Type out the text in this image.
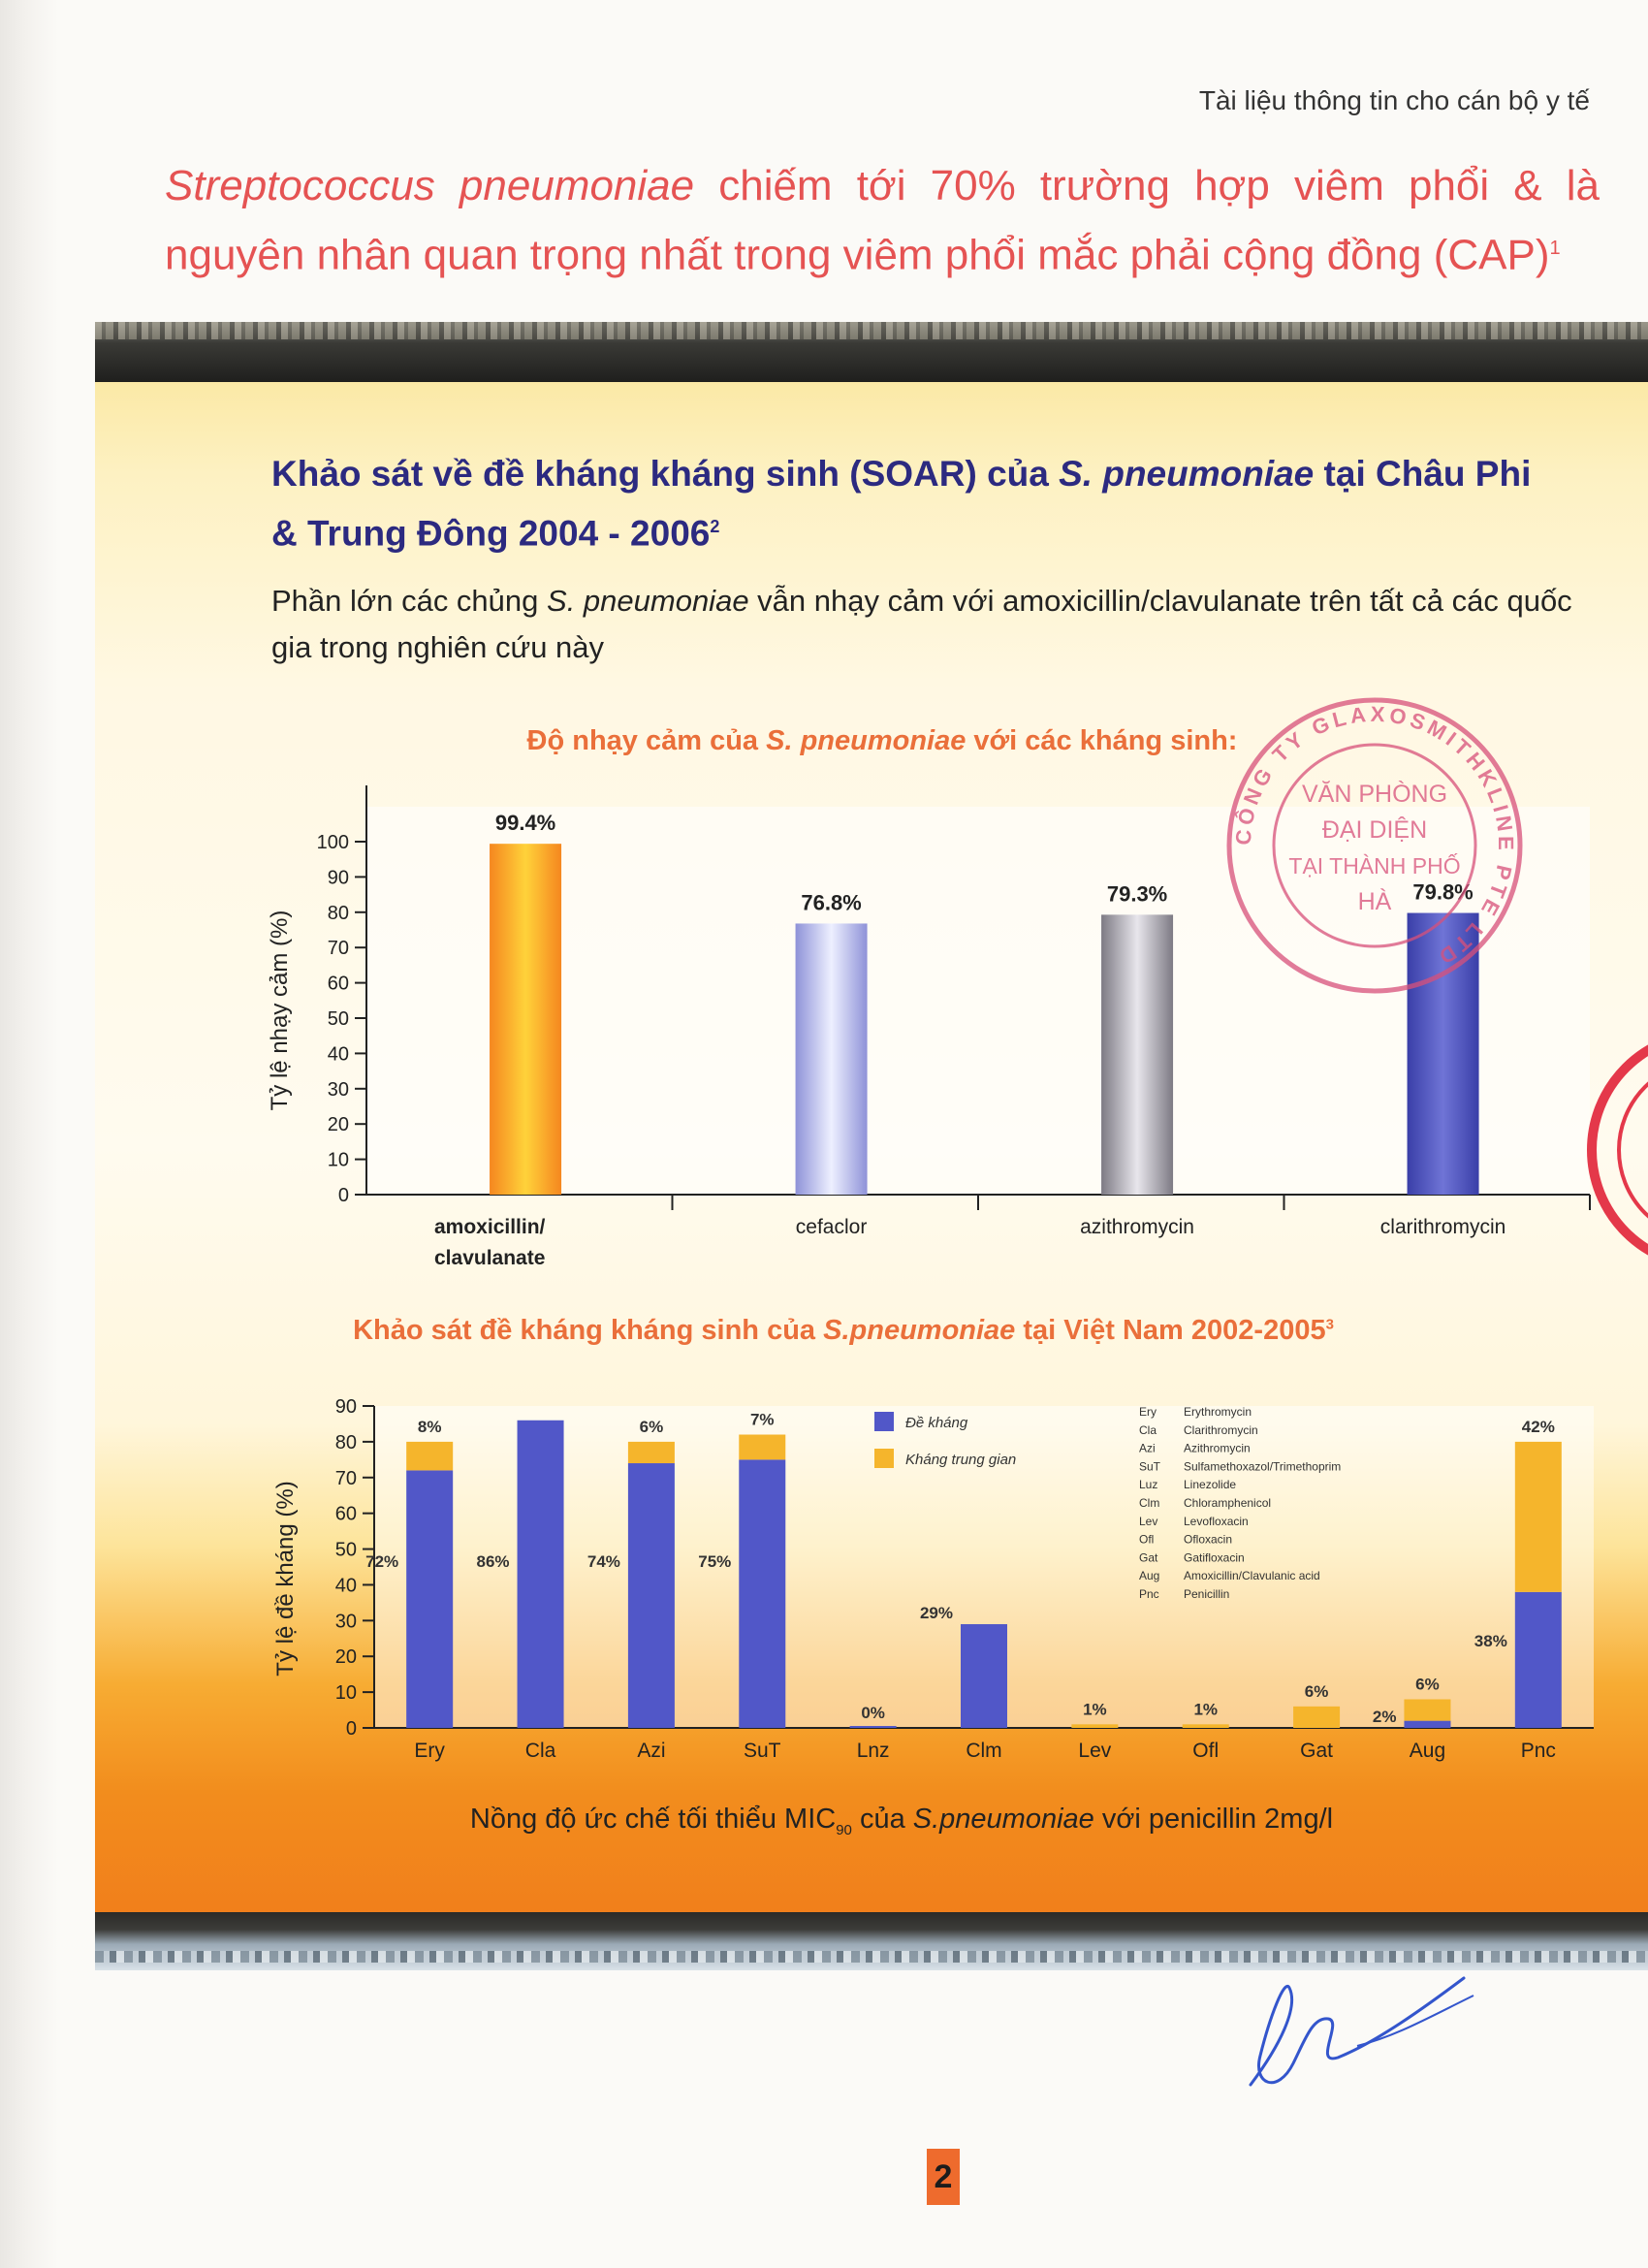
Tài liệu thông tin cho cán bộ y tế
Streptococcus pneumoniae chiếm tới 70% trường hợp viêm phổi & là nguyên nhân quan trọng nhất trong viêm phổi mắc phải cộng đồng (CAP)$^1$
Khảo sát về đề kháng kháng sinh (SOAR) của S. pneumoniae tại Châu Phi & Trung Đông 2004 - 2006$^2$
Phần lớn các chủng S. pneumoniae vẫn nhạy cảm với amoxicillin/clavulanate trên tất cả các quốc gia trong nghiên cứu này
Độ nhạy cảm của S. pneumoniae với các kháng sinh:
0
10
20
30
40
50
60
70
80
90
100
Tỷ lệ nhạy cảm (%)
99.4%
amoxicillin/
clavulanate
76.8%
cefaclor
79.3%
azithromycin
79.8%
clarithromycin
Khảo sát đề kháng kháng sinh của S.pneumoniae tại Việt Nam 2002-2005$^3$
0
10
20
30
40
50
60
70
80
90
Tỷ lệ đề kháng (%)
Ery	Cla	Azi	SuT	Lnz	Clm	Lev	Ofl	Gat	Aug	Pnc
8%
72%	86%
6%
74%
7%
75%
0%
29%
1%	1%
6%	6%
2%
42%
38%
Đề kháng
Kháng trung gian
Ery Erythromycin
Cla Clarithromycin
Azi Azithromycin
SuT Sulfamethoxazol/Trimethoprim
Luz Linezolide
Clm Chloramphenicol
Lev Levofloxacin
Ofl	Ofloxacin
Gat Gatifloxacin
Aug Amoxicillin/Clavulanic acid
Pnc Penicillin
Nồng độ ức chế tối thiểu $MIC_{90}$ của S.pneumoniae với penicillin 2mg/l
CÔNG TY GLAXOSMITHKLINE PTE LTD
VĂN PHÒNG
ĐẠI DIỆN
TẠI THÀNH PHỐ
HÀ
2
